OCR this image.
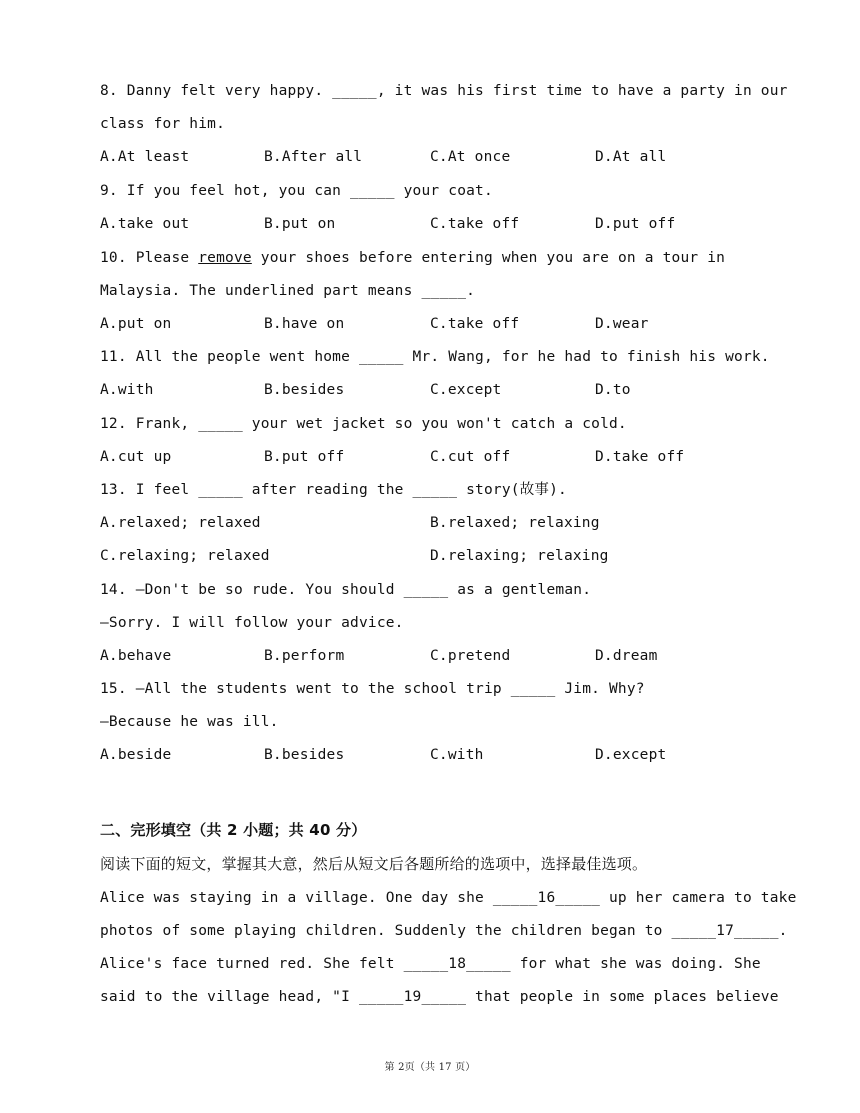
8. Danny felt very happy. _____, it was his first time to have a party in our
class for him.
A.At least	B.After all	C.At once	D.At all
9. If you feel hot, you can _____ your coat.
A.take out	B.put on	C.take off	D.put off
10. Please remove your shoes before entering when you are on a tour in
Malaysia. The underlined part means _____.
A.put on	B.have on	C.take off	D.wear
11. All the people went home _____ Mr. Wang, for he had to finish his work.
A.with	B.besides	C.except	D.to
12. Frank, _____ your wet jacket so you won't catch a cold.
A.cut up	B.put off	C.cut off	D.take off
13. I feel _____ after reading the _____ story(故事).
A.relaxed; relaxed	B.relaxed; relaxing
C.relaxing; relaxed	D.relaxing; relaxing
14. —Don't be so rude. You should _____ as a gentleman.
—Sorry. I will follow your advice.
A.behave	B.perform	C.pretend	D.dream
15. —All the students went to the school trip _____ Jim. Why?
—Because he was ill.
A.beside	B.besides	C.with	D.except
二、完形填空（共 2 小题；共 40 分）
阅读下面的短文，掌握其大意，然后从短文后各题所给的选项中，选择最佳选项。
Alice was staying in a village. One day she _____16_____ up her camera to take
photos of some playing children. Suddenly the children began to _____17_____.
Alice's face turned red. She felt _____18_____ for what she was doing. She
said to the village head, "I _____19_____ that people in some places believe
第 2页（共 17 页）
